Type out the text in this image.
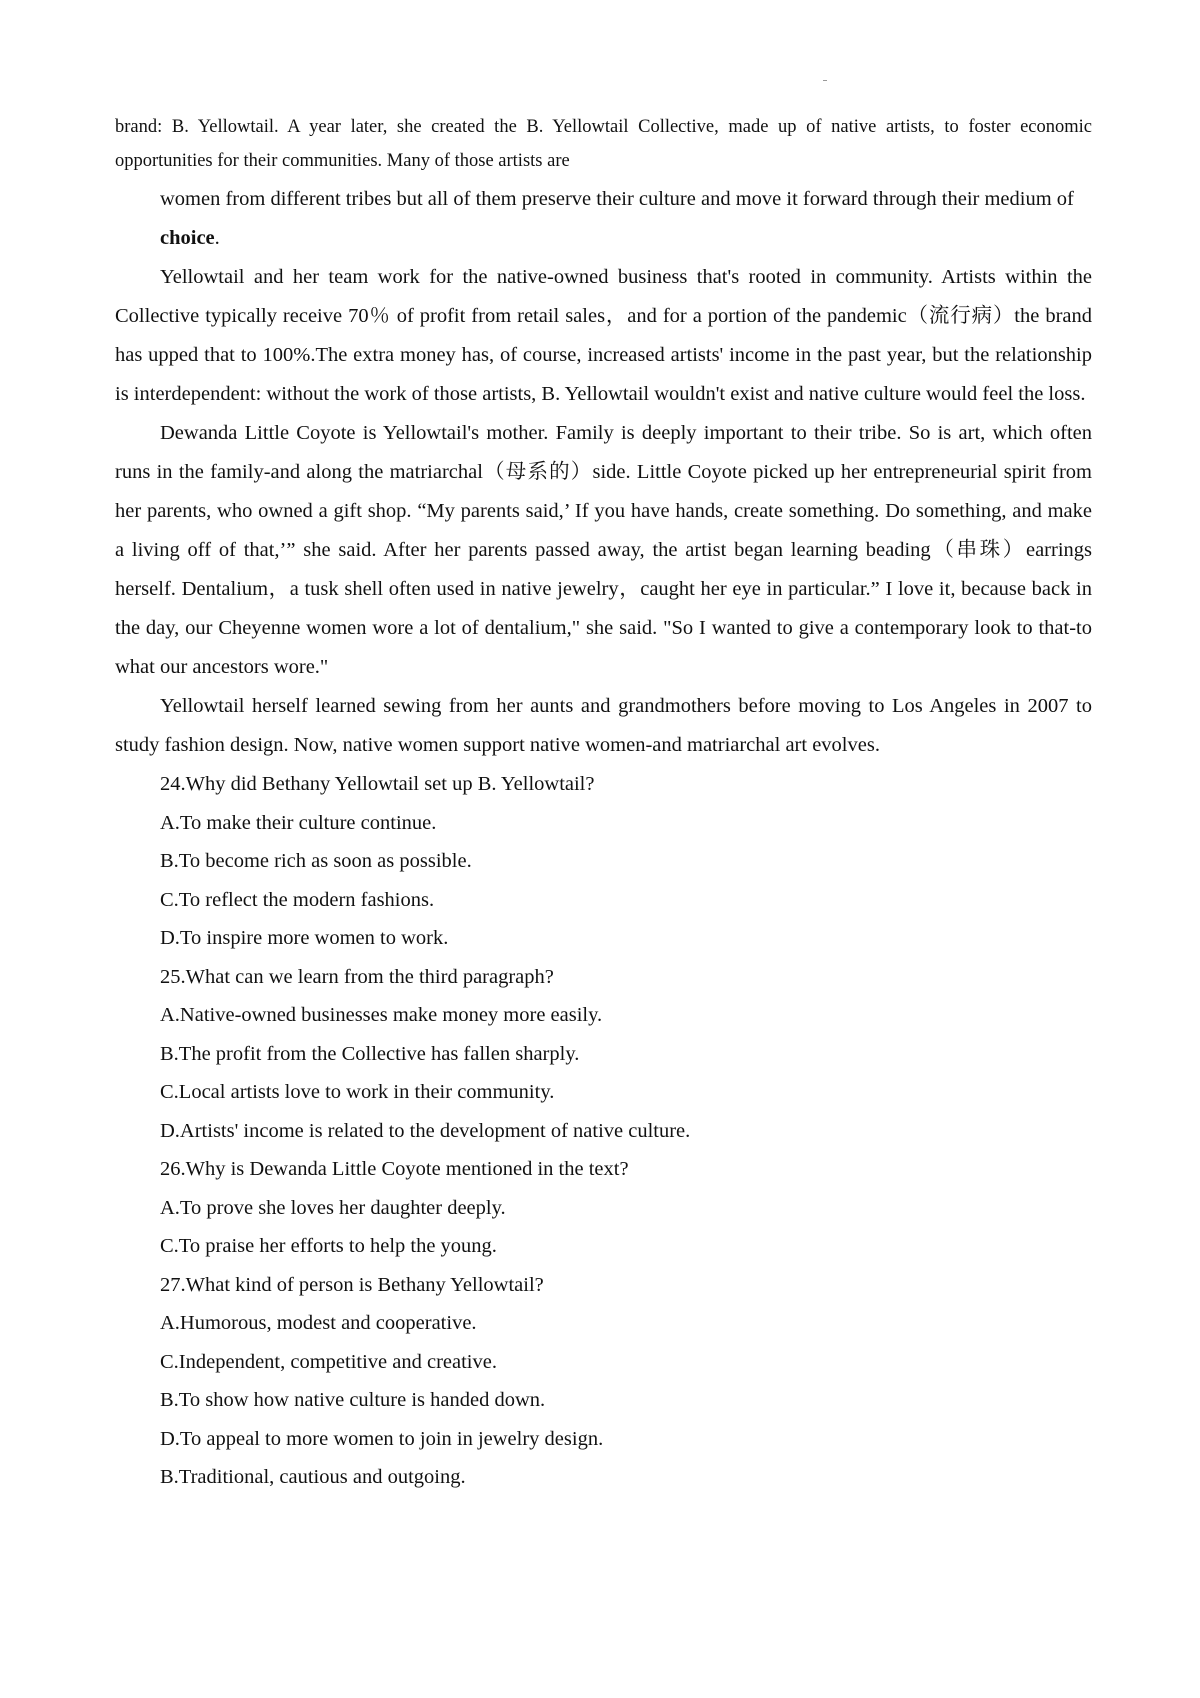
brand: B. Yellowtail. A year later, she created the B. Yellowtail Collective, made up of native artists, to foster economic opportunities for their communities. Many of those artists are

women from different tribes but all of them preserve their culture and move it forward through their medium of

choice.

Yellowtail and her team work for the native-owned business that's rooted in community. Artists within the Collective typically receive 70％ of profit from retail sales，and for a portion of the pandemic（流行病）the brand has upped that to 100%.The extra money has, of course, increased artists' income in the past year, but the relationship is interdependent: without the work of those artists, B. Yellowtail wouldn't exist and native culture would feel the loss.

Dewanda Little Coyote is Yellowtail's mother. Family is deeply important to their tribe. So is art, which often runs in the family-and along the matriarchal（母系的）side. Little Coyote picked up her entrepreneurial spirit from her parents, who owned a gift shop. “My parents said,’ If you have hands, create something. Do something, and make a living off of that,’” she said. After her parents passed away, the artist began learning beading（串珠）earrings herself. Dentalium，a tusk shell often used in native jewelry，caught her eye in particular.” I love it, because back in the day, our Cheyenne women wore a lot of dentalium," she said. "So I wanted to give a contemporary look to that-to what our ancestors wore."

Yellowtail herself learned sewing from her aunts and grandmothers before moving to Los Angeles in 2007 to study fashion design. Now, native women support native women-and matriarchal art evolves.

24.Why did Bethany Yellowtail set up B. Yellowtail?

A.To make their culture continue.

B.To become rich as soon as possible.

C.To reflect the modern fashions.

D.To inspire more women to work.

25.What can we learn from the third paragraph?

A.Native-owned businesses make money more easily.

B.The profit from the Collective has fallen sharply.

C.Local artists love to work in their community.

D.Artists' income is related to the development of native culture.

26.Why is Dewanda Little Coyote mentioned in the text?

A.To prove she loves her daughter deeply.

C.To praise her efforts to help the young.

27.What kind of person is Bethany Yellowtail?

A.Humorous, modest and cooperative.

C.Independent, competitive and creative.

B.To show how native culture is handed down.

D.To appeal to more women to join in jewelry design.

B.Traditional, cautious and outgoing.
